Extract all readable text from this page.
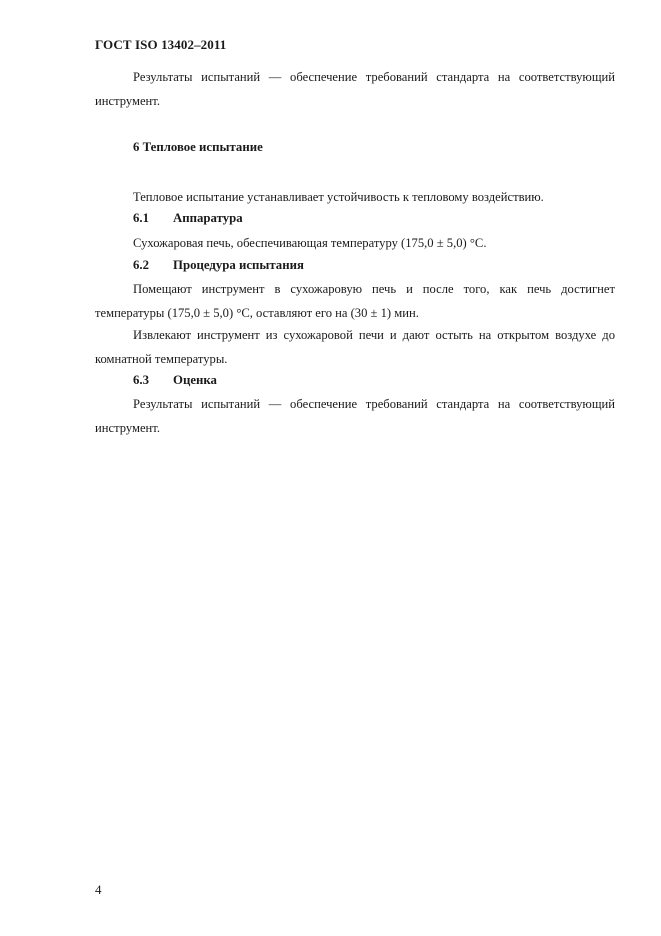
ГОСТ ISO 13402–2011

Результаты испытаний — обеспечение требований стандарта на соответствующий инструмент.

6 Тепловое испытание

Тепловое испытание устанавливает устойчивость к тепловому воздействию.

6.1 Аппаратура

Сухожаровая печь, обеспечивающая температуру (175,0 ± 5,0) °С.

6.2 Процедура испытания

Помещают инструмент в сухожаровую печь и после того, как печь достигнет температуры (175,0 ± 5,0) °С, оставляют его на (30 ± 1) мин.

Извлекают инструмент из сухожаровой печи и дают остыть на открытом воздухе до комнатной температуры.

6.3 Оценка

Результаты испытаний — обеспечение требований стандарта на соответствующий инструмент.

4
